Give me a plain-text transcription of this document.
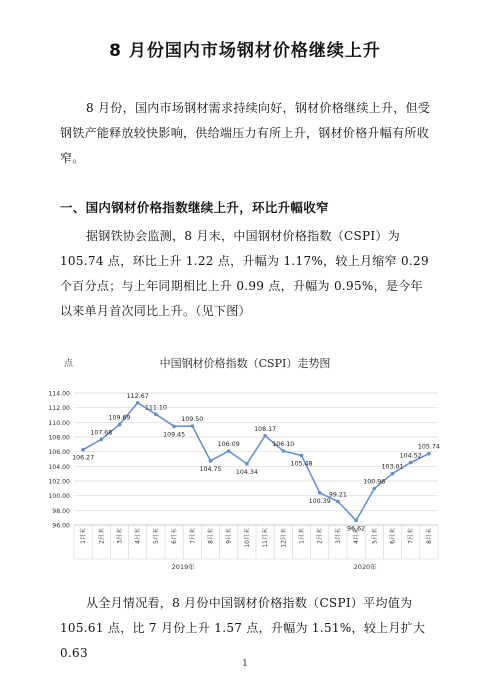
8 月份国内市场钢材价格继续上升
8 月份，国内市场钢材需求持续向好，钢材价格继续上升，但受钢铁产能释放较快影响，供给端压力有所上升，钢材价格升幅有所收窄。
一、国内钢材价格指数继续上升，环比升幅收窄
据钢铁协会监测，8 月末，中国钢材价格指数（CSPI）为 105.74 点，环比上升 1.22 点，升幅为 1.17%，较上月缩窄 0.29 个百分点；与上年同期相比上升 0.99 点，升幅为 0.95%，是今年以来单月首次同比上升。（见下图）
点	中国钢材价格指数（CSPI）走势图
96.00
98.00
100.00
102.00
104.00
106.00
108.00
110.00
112.00
114.00
1月末 2月末 3月末 4月末 5月末 6月末 7月末 8月末 9月末 10月末 11月末 12月末 1月末 2月末 3月末 4月末 5月末 6月末 7月末 8月末
2019年	2020年
106.27
107.68
109.69
112.67
111.10
109.45
109.50
104.75
106.09
104.34
108.17
106.10
105.48
100.39
99.21
96.62
100.96
103.01
104.52
105.74
从全月情况看，8 月份中国钢材价格指数（CSPI）平均值为 105.61 点，比 7 月份上升 1.57 点，升幅为 1.51%，较上月扩大 0.63
1
